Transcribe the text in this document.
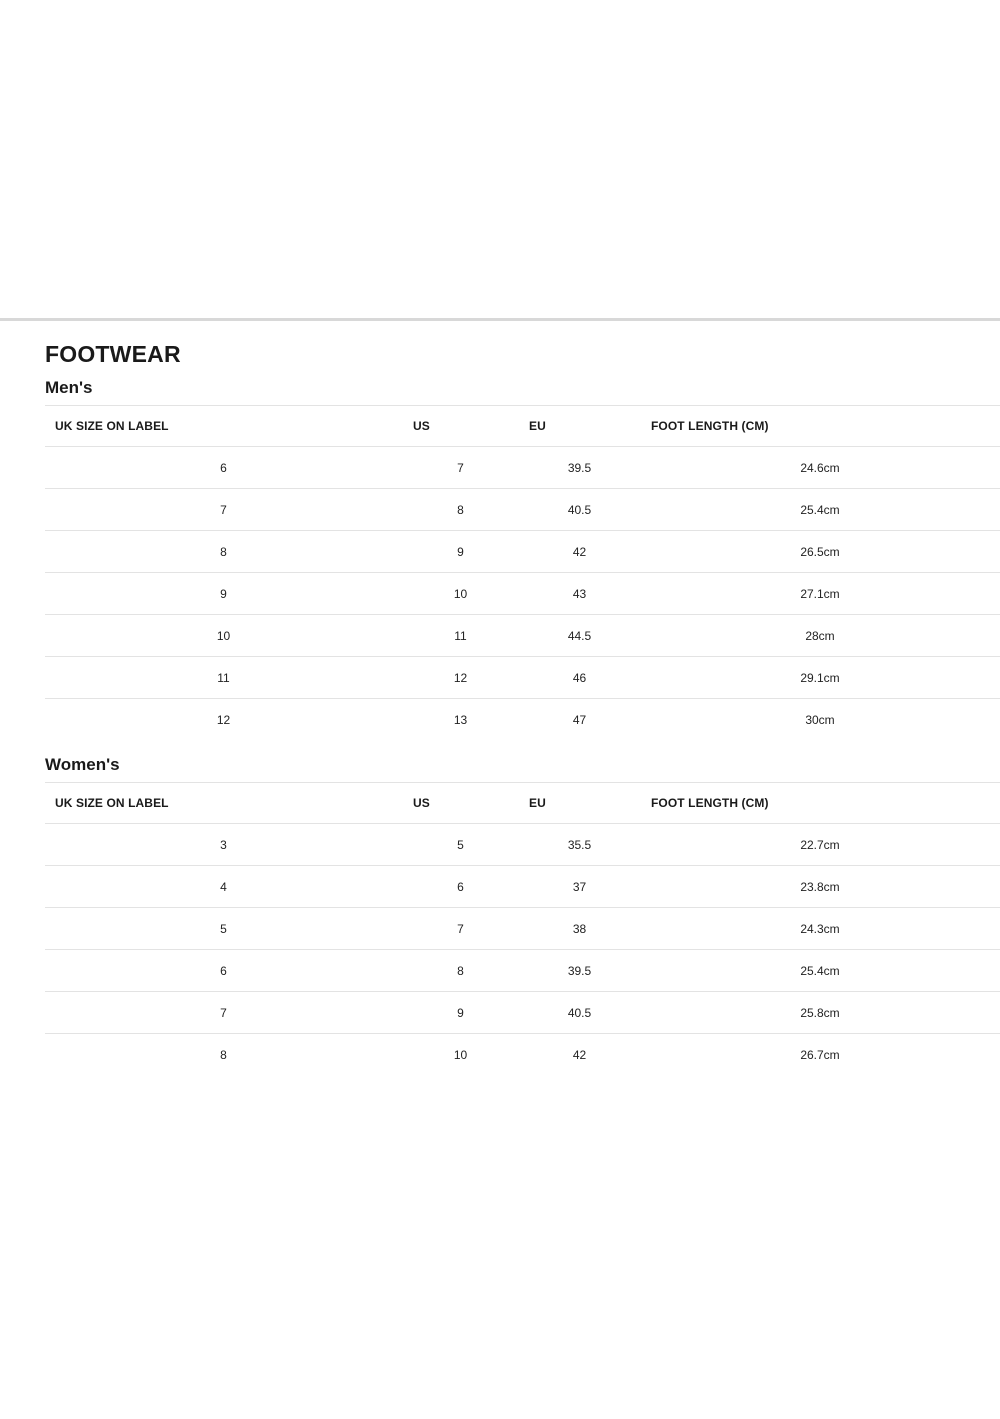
FOOTWEAR
Men's
UK SIZE ON LABEL	US	EU	FOOT LENGTH (CM)
6	7	39.5	24.6cm
7	8	40.5	25.4cm
8	9	42	26.5cm
9	10	43	27.1cm
10	11	44.5	28cm
11	12	46	29.1cm
12	13	47	30cm
Women's
UK SIZE ON LABEL	US	EU	FOOT LENGTH (CM)
3	5	35.5	22.7cm
4	6	37	23.8cm
5	7	38	24.3cm
6	8	39.5	25.4cm
7	9	40.5	25.8cm
8	10	42	26.7cm
